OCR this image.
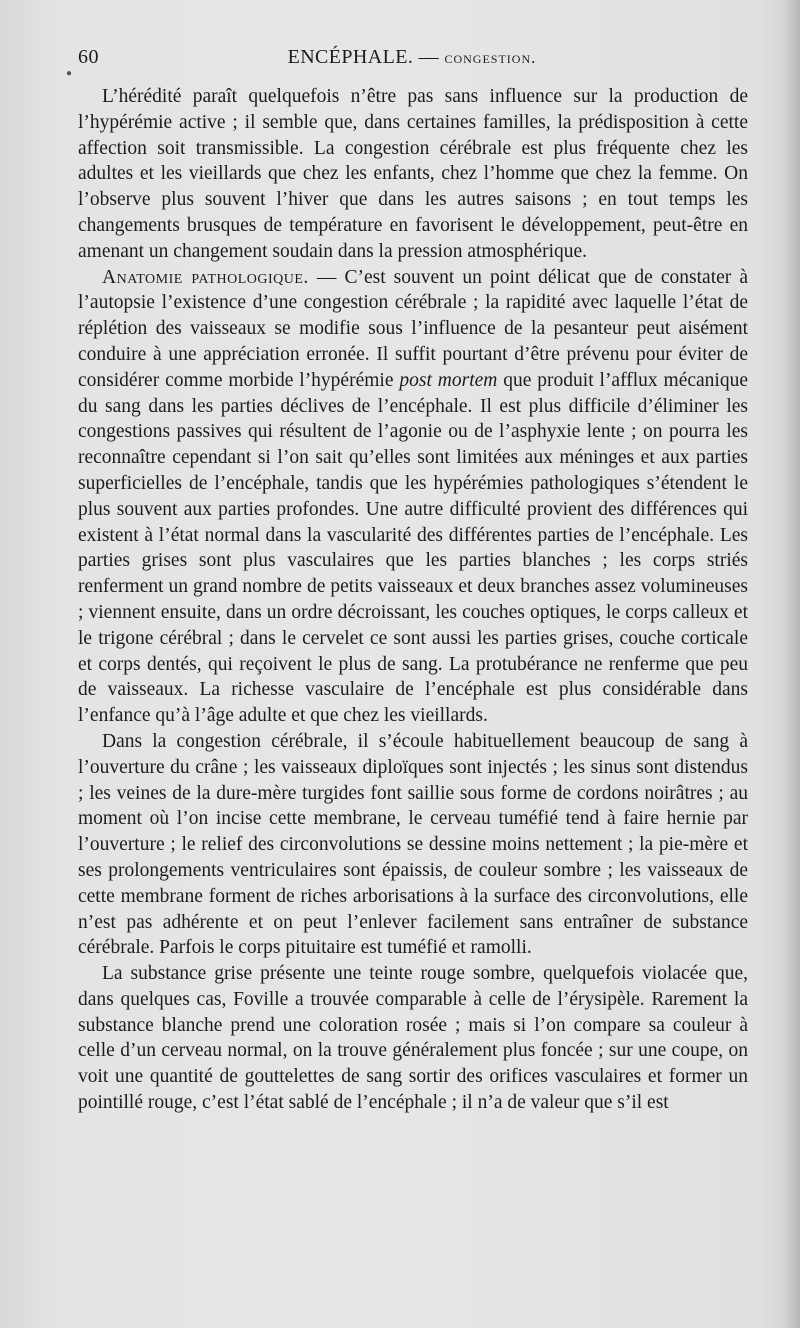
60	ENCÉPHALE. — congestion.
●

L’hérédité paraît quelquefois n’être pas sans influence sur la production de l’hypérémie active ; il semble que, dans certaines familles, la prédisposition à cette affection soit transmissible. La congestion cérébrale est plus fréquente chez les adultes et les vieillards que chez les enfants, chez l’homme que chez la femme. On l’observe plus souvent l’hiver que dans les autres saisons ; en tout temps les changements brusques de température en favorisent le développement, peut-être en amenant un changement soudain dans la pression atmosphérique.

Anatomie pathologique. — C’est souvent un point délicat que de constater à l’autopsie l’existence d’une congestion cérébrale ; la rapidité avec laquelle l’état de réplétion des vaisseaux se modifie sous l’influence de la pesanteur peut aisément conduire à une appréciation erronée. Il suffit pourtant d’être prévenu pour éviter de considérer comme morbide l’hypérémie post mortem que produit l’afflux mécanique du sang dans les parties déclives de l’encéphale. Il est plus difficile d’éliminer les congestions passives qui résultent de l’agonie ou de l’asphyxie lente ; on pourra les reconnaître cependant si l’on sait qu’elles sont limitées aux méninges et aux parties superficielles de l’encéphale, tandis que les hypérémies pathologiques s’étendent le plus souvent aux parties profondes. Une autre difficulté provient des différences qui existent à l’état normal dans la vascularité des différentes parties de l’encéphale. Les parties grises sont plus vasculaires que les parties blanches ; les corps striés renferment un grand nombre de petits vaisseaux et deux branches assez volumineuses ; viennent ensuite, dans un ordre décroissant, les couches optiques, le corps calleux et le trigone cérébral ; dans le cervelet ce sont aussi les parties grises, couche corticale et corps dentés, qui reçoivent le plus de sang. La protubérance ne renferme que peu de vaisseaux. La richesse vasculaire de l’encéphale est plus considérable dans l’enfance qu’à l’âge adulte et que chez les vieillards.

Dans la congestion cérébrale, il s’écoule habituellement beaucoup de sang à l’ouverture du crâne ; les vaisseaux diploïques sont injectés ; les sinus sont distendus ; les veines de la dure-mère turgides font saillie sous forme de cordons noirâtres ; au moment où l’on incise cette membrane, le cerveau tuméfié tend à faire hernie par l’ouverture ; le relief des circonvolutions se dessine moins nettement ; la pie-mère et ses prolongements ventriculaires sont épaissis, de couleur sombre ; les vaisseaux de cette membrane forment de riches arborisations à la surface des circonvolutions, elle n’est pas adhérente et on peut l’enlever facilement sans entraîner de substance cérébrale. Parfois le corps pituitaire est tuméfié et ramolli.

La substance grise présente une teinte rouge sombre, quelquefois violacée que, dans quelques cas, Foville a trouvée comparable à celle de l’érysipèle. Rarement la substance blanche prend une coloration rosée ; mais si l’on compare sa couleur à celle d’un cerveau normal, on la trouve généralement plus foncée ; sur une coupe, on voit une quantité de gouttelettes de sang sortir des orifices vasculaires et former un pointillé rouge, c’est l’état sablé de l’encéphale ; il n’a de valeur que s’il est
